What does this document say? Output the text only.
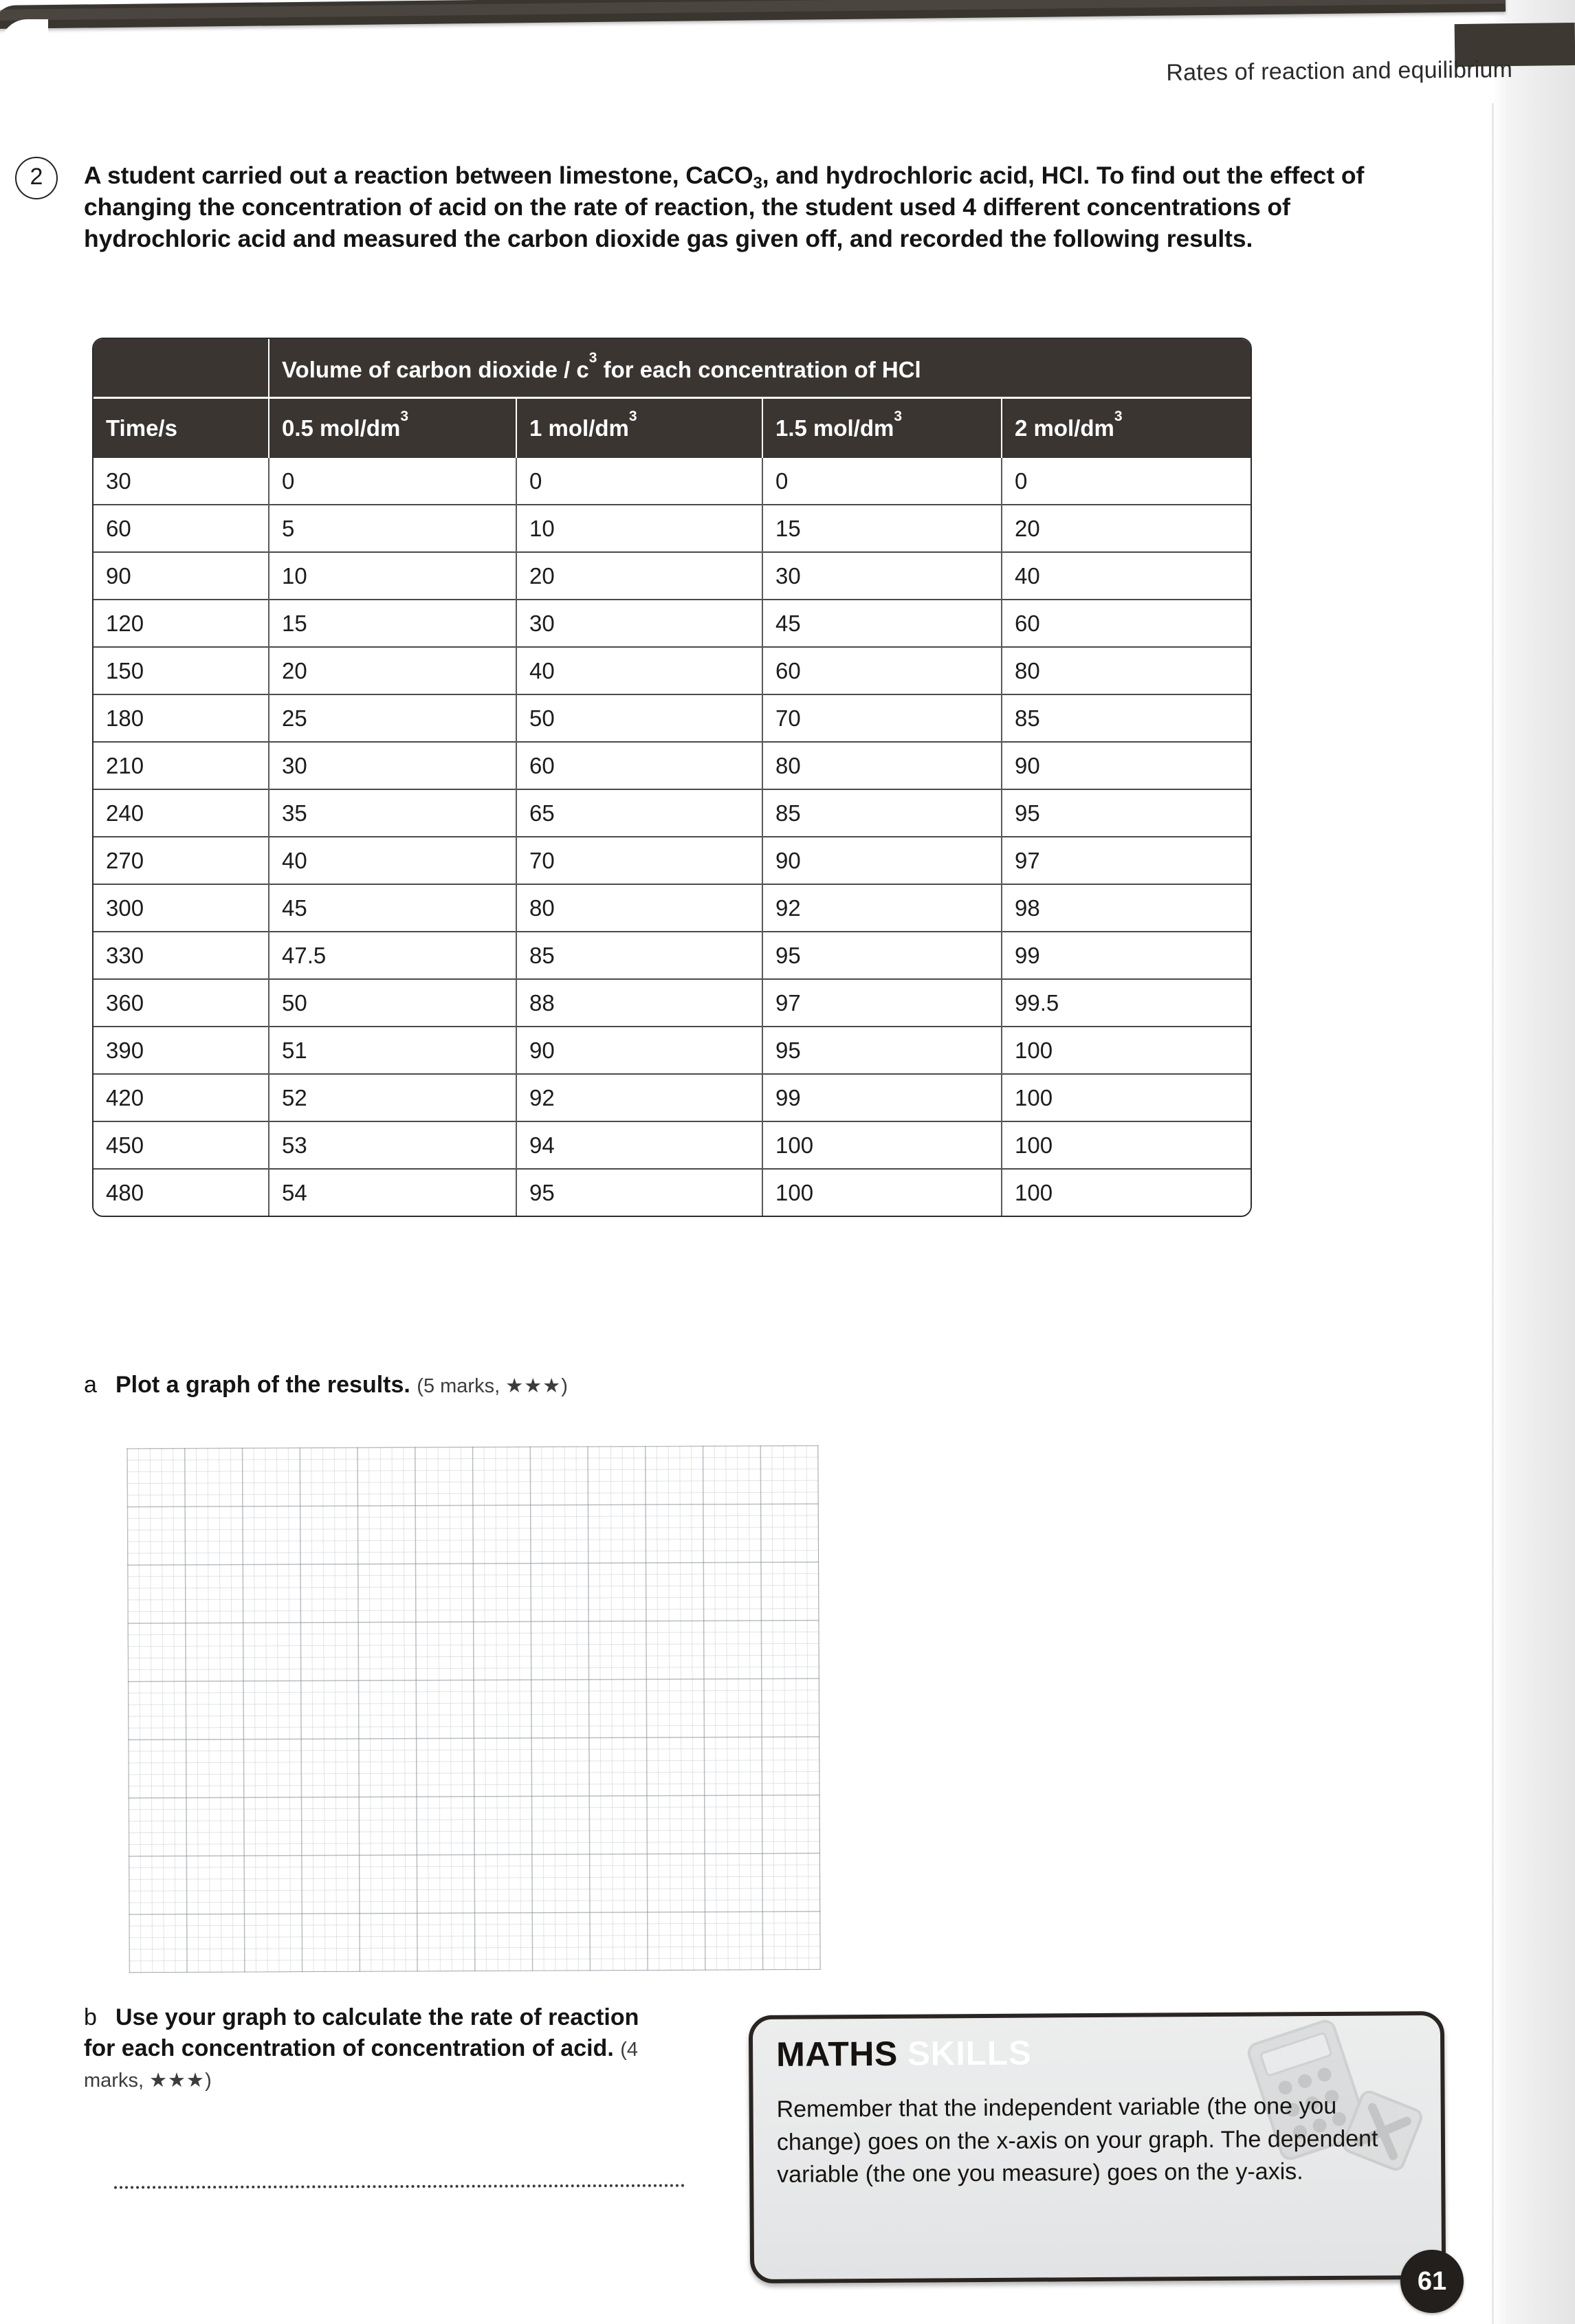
Rates of reaction and equilibrium
2	A student carried out a reaction between limestone, CaCO$_3$, and hydrochloric acid, HCl. To find out the effect of changing the concentration of acid on the rate of reaction, the student used 4 different concentrations of hydrochloric acid and measured the carbon dioxide gas given off, and recorded the following results.
	Volume of carbon dioxide / $c^3$ for each concentration of HCl			
Time/s	0.5 mol/$dm^3$	1 mol/$dm^3$	1.5 mol/$dm^3$	2 mol/$dm^3$
30	0	0	0	0
60	5	10	15	20
90	10	20	30	40
120	15	30	45	60
150	20	40	60	80
180	25	50	70	85
210	30	60	80	90
240	35	65	85	95
270	40	70	90	97
300	45	80	92	98
330	47.5	85	95	99
360	50	88	97	99.5
390	51	90	95	100
420	52	92	99	100
450	53	94	100	100
480	54	95	100	100
a Plot a graph of the results. (5 marks, ★★★)
b Use your graph to calculate the rate of reaction for each concentration of concentration of acid. (4 marks, ★★★)
MATHS SKILLS
Remember that the independent variable (the one you change) goes on the x-axis on your graph. The dependent variable (the one you measure) goes on the y-axis.
61
